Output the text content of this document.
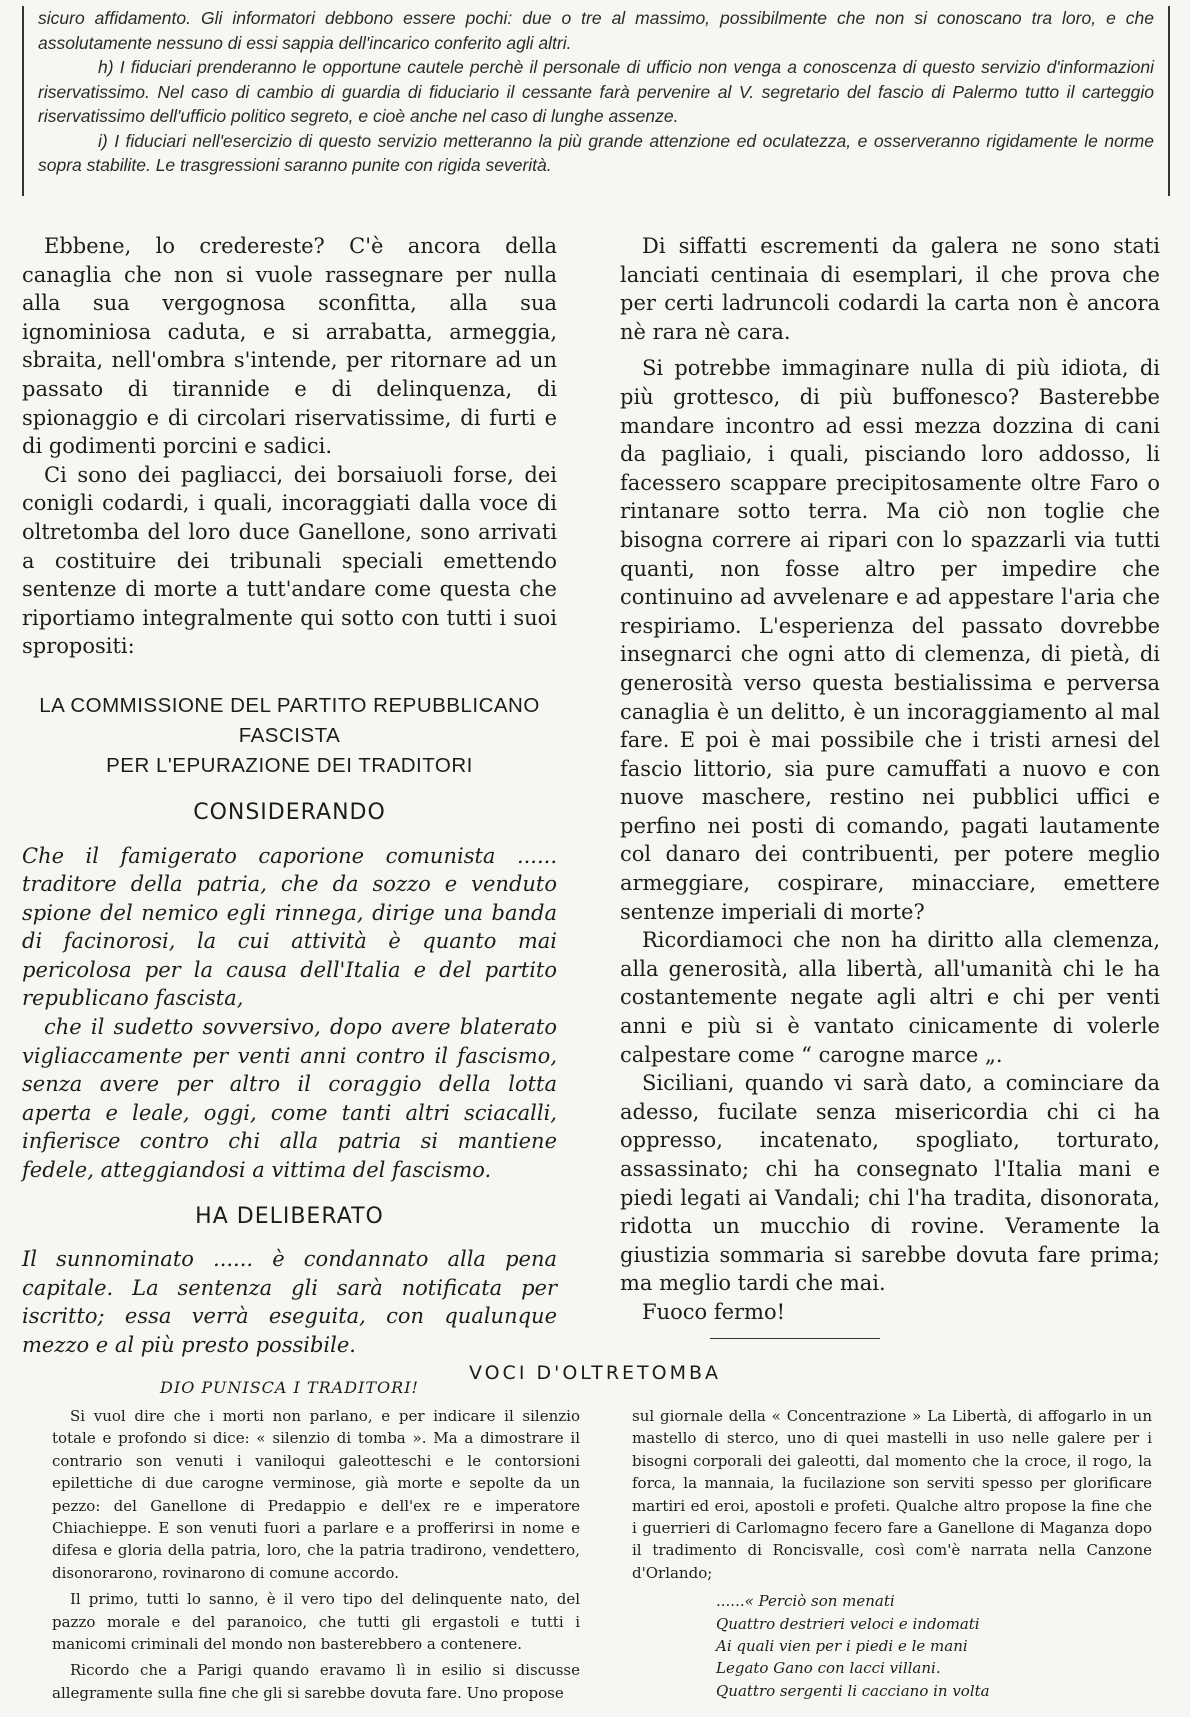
sicuro affidamento. Gli informatori debbono essere pochi: due o tre al massimo, possibilmente che non si conoscano tra loro, e che assolutamente nessuno di essi sappia dell'incarico conferito agli altri.

h) I fiduciari prenderanno le opportune cautele perchè il personale di ufficio non venga a conoscenza di questo servizio d'informazioni riservatissimo. Nel caso di cambio di guardia di fiduciario il cessante farà pervenire al V. segretario del fascio di Palermo tutto il carteggio riservatissimo dell'ufficio politico segreto, e cioè anche nel caso di lunghe assenze.

i) I fiduciari nell'esercizio di questo servizio metteranno la più grande attenzione ed oculatezza, e osserveranno rigidamente le norme sopra stabilite. Le trasgressioni saranno punite con rigida severità.

Ebbene, lo credereste? C'è ancora della canaglia che non si vuole rassegnare per nulla alla sua vergognosa sconfitta, alla sua ignominiosa caduta, e si arrabatta, armeggia, sbraita, nell'ombra s'intende, per ritornare ad un passato di tirannide e di delinquenza, di spionaggio e di circolari riservatissime, di furti e di godimenti porcini e sadici.

Ci sono dei pagliacci, dei borsaiuoli forse, dei conigli codardi, i quali, incoraggiati dalla voce di oltretomba del loro duce Ganellone, sono arrivati a costituire dei tribunali speciali emettendo sentenze di morte a tutt'andare come questa che riportiamo integralmente qui sotto con tutti i suoi spropositi:

LA COMMISSIONE DEL PARTITO REPUBBLICANO FASCISTA

PER L'EPURAZIONE DEI TRADITORI

CONSIDERANDO

Che il famigerato caporione comunista ...... traditore della patria, che da sozzo e venduto spione del nemico egli rinnega, dirige una banda di facinorosi, la cui attività è quanto mai pericolosa per la causa dell'Italia e del partito republicano fascista,

che il sudetto sovversivo, dopo avere blaterato vigliaccamente per venti anni contro il fascismo, senza avere per altro il coraggio della lotta aperta e leale, oggi, come tanti altri sciacalli, infierisce contro chi alla patria si mantiene fedele, atteggiandosi a vittima del fascismo.

HA DELIBERATO

Il sunnominato ...... è condannato alla pena capitale. La sentenza gli sarà notificata per iscritto; essa verrà eseguita, con qualunque mezzo e al più presto possibile.

DIO PUNISCA I TRADITORI!

Di siffatti escrementi da galera ne sono stati lanciati centinaia di esemplari, il che prova che per certi ladruncoli codardi la carta non è ancora nè rara nè cara.

Si potrebbe immaginare nulla di più idiota, di più grottesco, di più buffonesco? Basterebbe mandare incontro ad essi mezza dozzina di cani da pagliaio, i quali, pisciando loro addosso, li facessero scappare precipitosamente oltre Faro o rintanare sotto terra. Ma ciò non toglie che bisogna correre ai ripari con lo spazzarli via tutti quanti, non fosse altro per impedire che continuino ad avvelenare e ad appestare l'aria che respiriamo. L'esperienza del passato dovrebbe insegnarci che ogni atto di clemenza, di pietà, di generosità verso questa bestialissima e perversa canaglia è un delitto, è un incoraggiamento al mal fare. E poi è mai possibile che i tristi arnesi del fascio littorio, sia pure camuffati a nuovo e con nuove maschere, restino nei pubblici uffici e perfino nei posti di comando, pagati lautamente col danaro dei contribuenti, per potere meglio armeggiare, cospirare, minacciare, emettere sentenze imperiali di morte?

Ricordiamoci che non ha diritto alla clemenza, alla generosità, alla libertà, all'umanità chi le ha costantemente negate agli altri e chi per venti anni e più si è vantato cinicamente di volerle calpestare come “ carogne marce „.

Siciliani, quando vi sarà dato, a cominciare da adesso, fucilate senza misericordia chi ci ha oppresso, incatenato, spogliato, torturato, assassinato; chi ha consegnato l'Italia mani e piedi legati ai Vandali; chi l'ha tradita, disonorata, ridotta un mucchio di rovine. Veramente la giustizia sommaria si sarebbe dovuta fare prima; ma meglio tardi che mai.

Fuoco fermo!

VOCI D'OLTRETOMBA

Si vuol dire che i morti non parlano, e per indicare il silenzio totale e profondo si dice: « silenzio di tomba ». Ma a dimostrare il contrario son venuti i vaniloqui galeotteschi e le contorsioni epilettiche di due carogne verminose, già morte e sepolte da un pezzo: del Ganellone di Predappio e dell'ex re e imperatore Chiachieppe. E son venuti fuori a parlare e a profferirsi in nome e difesa e gloria della patria, loro, che la patria tradirono, vendettero, disonorarono, rovinarono di comune accordo.

Il primo, tutti lo sanno, è il vero tipo del delinquente nato, del pazzo morale e del paranoico, che tutti gli ergastoli e tutti i manicomi criminali del mondo non basterebbero a contenere.

Ricordo che a Parigi quando eravamo lì in esilio si discusse allegramente sulla fine che gli si sarebbe dovuta fare. Uno propose

sul giornale della « Concentrazione » La Libertà, di affogarlo in un mastello di sterco, uno di quei mastelli in uso nelle galere per i bisogni corporali dei galeotti, dal momento che la croce, il rogo, la forca, la mannaia, la fucilazione son serviti spesso per glorificare martiri ed eroi, apostoli e profeti. Qualche altro propose la fine che i guerrieri di Carlomagno fecero fare a Ganellone di Maganza dopo il tradimento di Roncisvalle, così com'è narrata nella Canzone d'Orlando;

......« Perciò son menati
Quattro destrieri veloci e indomati
Ai quali vien per i piedi e le mani
Legato Gano con lacci villani.
Quattro sergenti li cacciano in volta
